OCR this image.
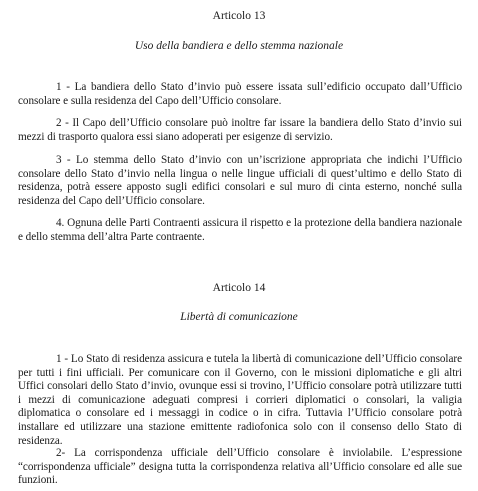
Articolo 13
Uso della bandiera e dello stemma nazionale

1 - La bandiera dello Stato d’invio può essere issata sull’edificio occupato dall’Ufficio consolare e sulla residenza del Capo dell’Ufficio consolare.

2 - Il Capo dell’Ufficio consolare può inoltre far issare la bandiera dello Stato d’invio sui mezzi di trasporto qualora essi siano adoperati per esigenze di servizio.

3 - Lo stemma dello Stato d’invio con un’iscrizione appropriata che indichi l’Ufficio consolare dello Stato d’invio nella lingua o nelle lingue ufficiali di quest’ultimo e dello Stato di residenza, potrà essere apposto sugli edifici consolari e sul muro di cinta esterno, nonché sulla residenza del Capo dell’Ufficio consolare.

4. Ognuna delle Parti Contraenti assicura il rispetto e la protezione della bandiera nazionale e dello stemma dell’altra Parte contraente.

Articolo 14
Libertà di comunicazione

1 - Lo Stato di residenza assicura e tutela la libertà di comunicazione dell’Ufficio consolare per tutti i fini ufficiali. Per comunicare con il Governo, con le missioni diplomatiche e gli altri Uffici consolari dello Stato d’invio, ovunque essi si trovino, l’Ufficio consolare potrà utilizzare tutti i mezzi di comunicazione adeguati compresi i corrieri diplomatici o consolari, la valigia diplomatica o consolare ed i messaggi in codice o in cifra. Tuttavia l’Ufficio consolare potrà installare ed utilizzare una stazione emittente radiofonica solo con il consenso dello Stato di residenza.

2- La corrispondenza ufficiale dell’Ufficio consolare è inviolabile. L’espressione “corrispondenza ufficiale” designa tutta la corrispondenza relativa all’Ufficio consolare ed alle sue funzioni.
